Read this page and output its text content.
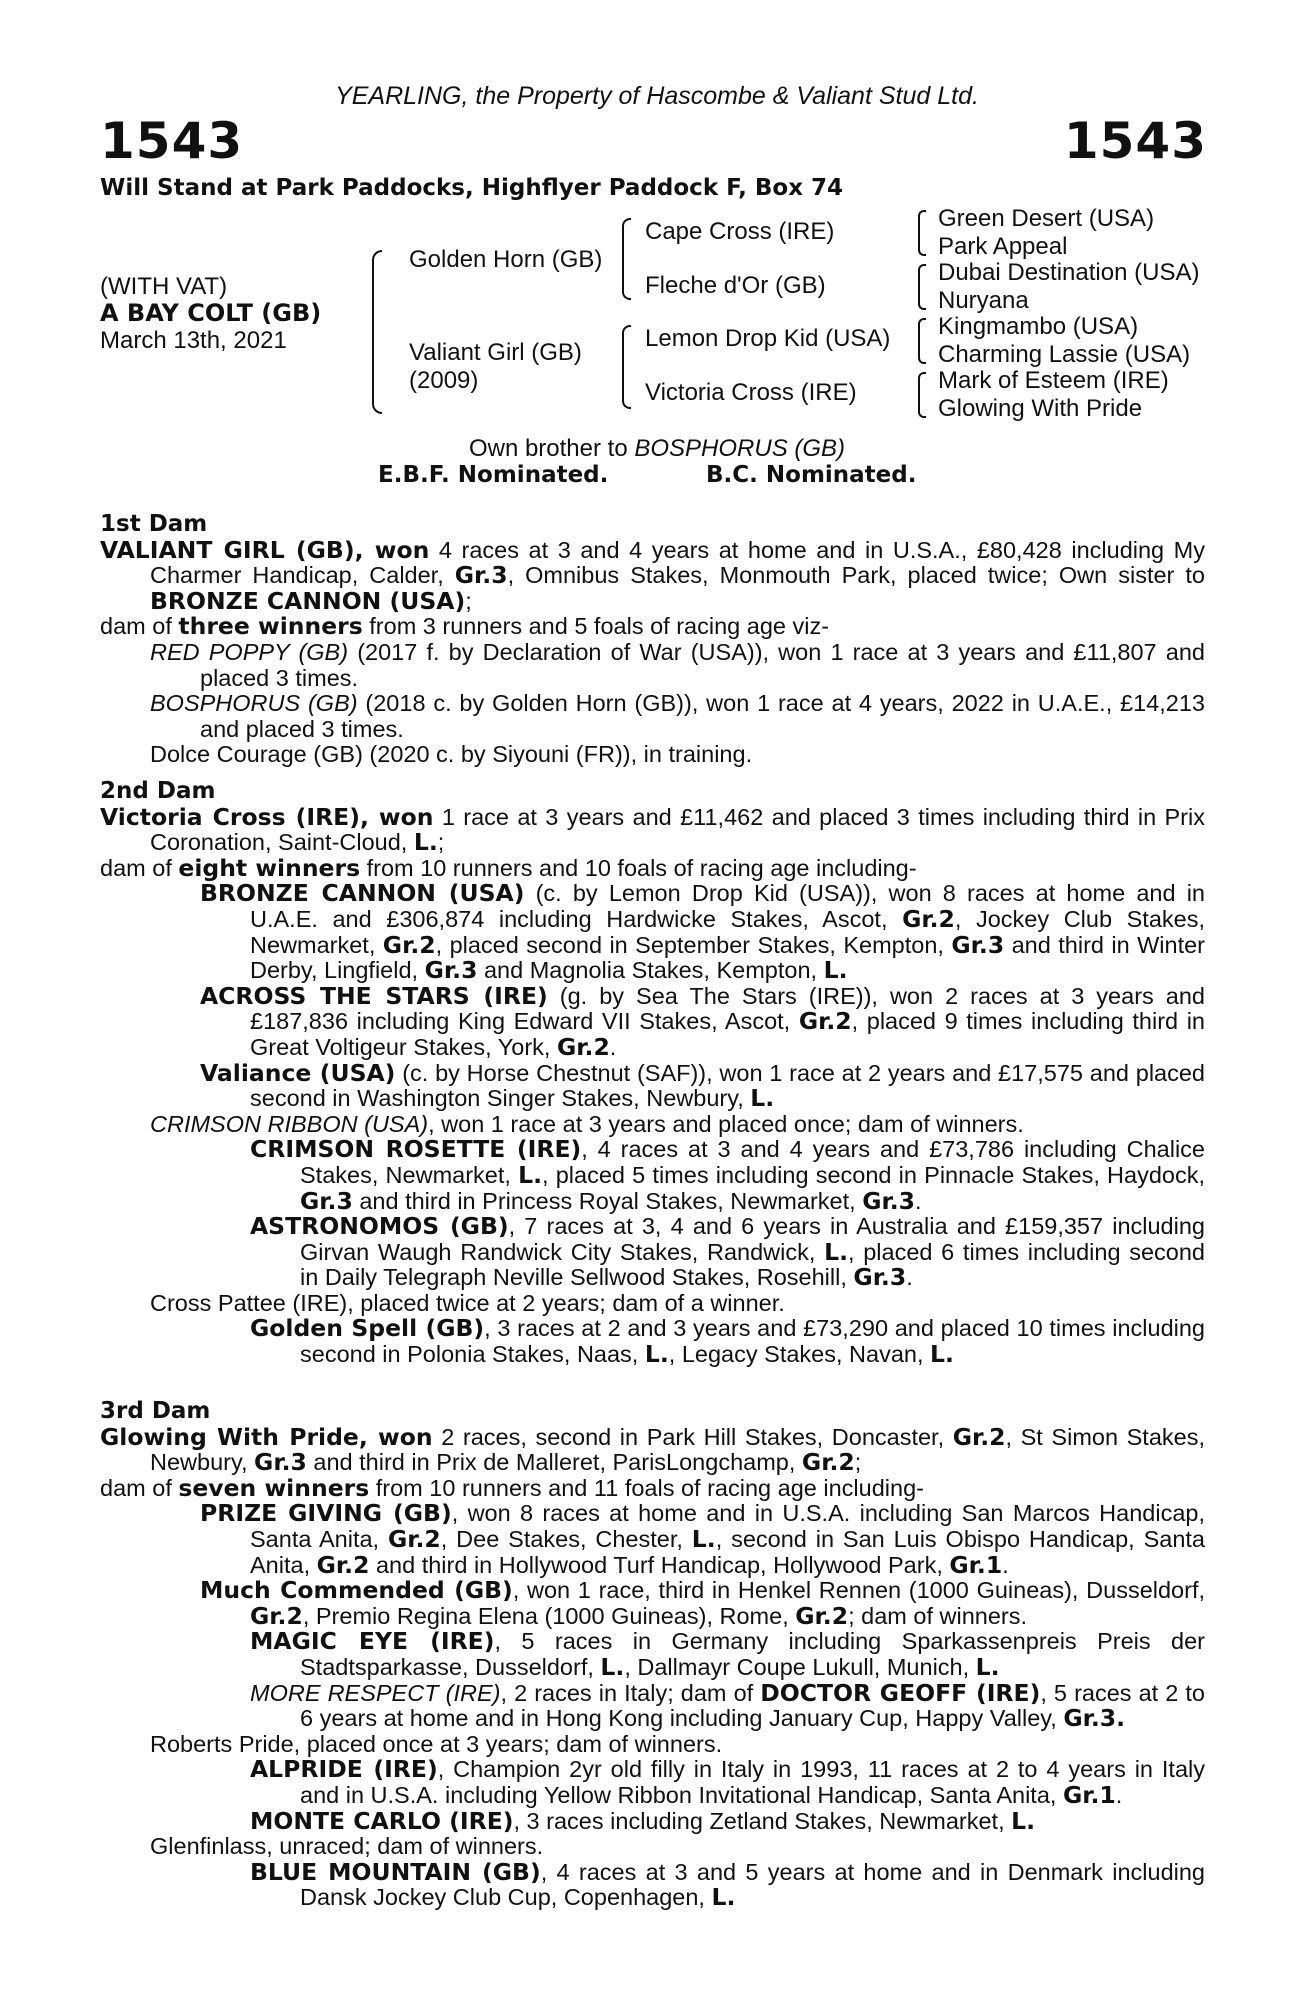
YEARLING, the Property of Hascombe & Valiant Stud Ltd.
1543	1543
Will Stand at Park Paddocks, Highflyer Paddock F, Box 74
(WITH VAT)
A BAY COLT (GB)
March 13th, 2021
Golden Horn (GB)
Valiant Girl (GB)
(2009)
Cape Cross (IRE)
Fleche d'Or (GB)
Lemon Drop Kid (USA)
Victoria Cross (IRE)
Green Desert (USA)
Park Appeal
Dubai Destination (USA)
Nuryana
Kingmambo (USA)
Charming Lassie (USA)
Mark of Esteem (IRE)
Glowing With Pride
Own brother to BOSPHORUS (GB)
E.B.F. Nominated.	B.C. Nominated.

1st Dam

VALIANT GIRL (GB), won 4 races at 3 and 4 years at home and in U.S.A., £80,428 including My Charmer Handicap, Calder, Gr.3, Omnibus Stakes, Monmouth Park, placed twice; Own sister to BRONZE CANNON (USA);

dam of three winners from 3 runners and 5 foals of racing age viz-

RED POPPY (GB) (2017 f. by Declaration of War (USA)), won 1 race at 3 years and £11,807 and placed 3 times.

BOSPHORUS (GB) (2018 c. by Golden Horn (GB)), won 1 race at 4 years, 2022 in U.A.E., £14,213 and placed 3 times.

Dolce Courage (GB) (2020 c. by Siyouni (FR)), in training.

2nd Dam

Victoria Cross (IRE), won 1 race at 3 years and £11,462 and placed 3 times including third in Prix Coronation, Saint-Cloud, L.;

dam of eight winners from 10 runners and 10 foals of racing age including-

BRONZE CANNON (USA) (c. by Lemon Drop Kid (USA)), won 8 races at home and in U.A.E. and £306,874 including Hardwicke Stakes, Ascot, Gr.2, Jockey Club Stakes, Newmarket, Gr.2, placed second in September Stakes, Kempton, Gr.3 and third in Winter Derby, Lingfield, Gr.3 and Magnolia Stakes, Kempton, L.

ACROSS THE STARS (IRE) (g. by Sea The Stars (IRE)), won 2 races at 3 years and £187,836 including King Edward VII Stakes, Ascot, Gr.2, placed 9 times including third in Great Voltigeur Stakes, York, Gr.2.

Valiance (USA) (c. by Horse Chestnut (SAF)), won 1 race at 2 years and £17,575 and placed second in Washington Singer Stakes, Newbury, L.

CRIMSON RIBBON (USA), won 1 race at 3 years and placed once; dam of winners.

CRIMSON ROSETTE (IRE), 4 races at 3 and 4 years and £73,786 including Chalice Stakes, Newmarket, L., placed 5 times including second in Pinnacle Stakes, Haydock, Gr.3 and third in Princess Royal Stakes, Newmarket, Gr.3.

ASTRONOMOS (GB), 7 races at 3, 4 and 6 years in Australia and £159,357 including Girvan Waugh Randwick City Stakes, Randwick, L., placed 6 times including second in Daily Telegraph Neville Sellwood Stakes, Rosehill, Gr.3.

Cross Pattee (IRE), placed twice at 2 years; dam of a winner.

Golden Spell (GB), 3 races at 2 and 3 years and £73,290 and placed 10 times including second in Polonia Stakes, Naas, L., Legacy Stakes, Navan, L.

3rd Dam

Glowing With Pride, won 2 races, second in Park Hill Stakes, Doncaster, Gr.2, St Simon Stakes, Newbury, Gr.3 and third in Prix de Malleret, ParisLongchamp, Gr.2;

dam of seven winners from 10 runners and 11 foals of racing age including-

PRIZE GIVING (GB), won 8 races at home and in U.S.A. including San Marcos Handicap, Santa Anita, Gr.2, Dee Stakes, Chester, L., second in San Luis Obispo Handicap, Santa Anita, Gr.2 and third in Hollywood Turf Handicap, Hollywood Park, Gr.1.

Much Commended (GB), won 1 race, third in Henkel Rennen (1000 Guineas), Dusseldorf, Gr.2, Premio Regina Elena (1000 Guineas), Rome, Gr.2; dam of winners.

MAGIC EYE (IRE), 5 races in Germany including Sparkassenpreis Preis der Stadtsparkasse, Dusseldorf, L., Dallmayr Coupe Lukull, Munich, L.

MORE RESPECT (IRE), 2 races in Italy; dam of DOCTOR GEOFF (IRE), 5 races at 2 to 6 years at home and in Hong Kong including January Cup, Happy Valley, Gr.3.

Roberts Pride, placed once at 3 years; dam of winners.

ALPRIDE (IRE), Champion 2yr old filly in Italy in 1993, 11 races at 2 to 4 years in Italy and in U.S.A. including Yellow Ribbon Invitational Handicap, Santa Anita, Gr.1.

MONTE CARLO (IRE), 3 races including Zetland Stakes, Newmarket, L.

Glenfinlass, unraced; dam of winners.

BLUE MOUNTAIN (GB), 4 races at 3 and 5 years at home and in Denmark including Dansk Jockey Club Cup, Copenhagen, L.
